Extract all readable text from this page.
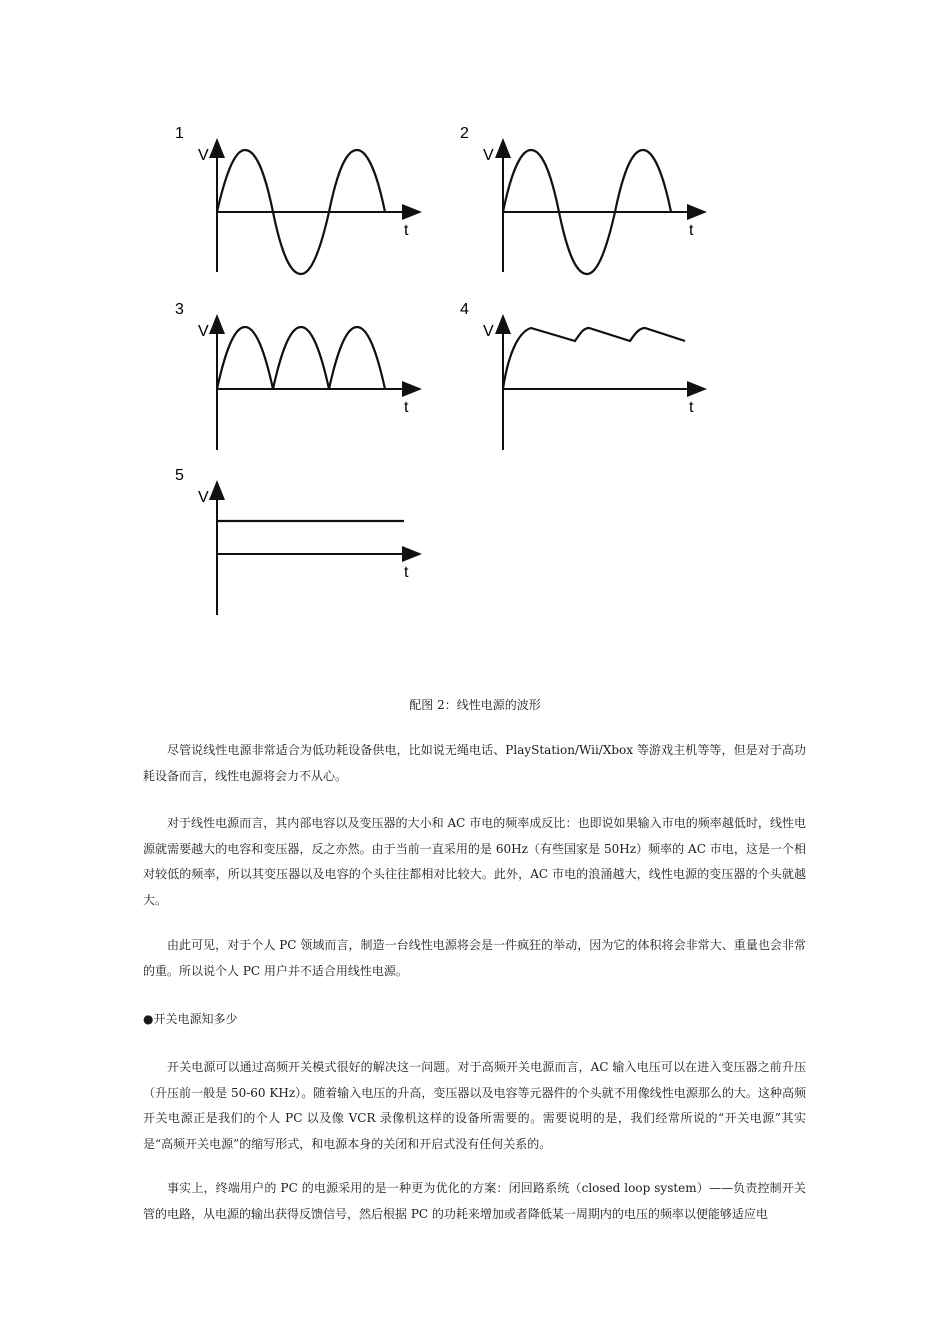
1
V
t
2
V
t
3
V
t
4
V
t
5
V
t
配图 2：线性电源的波形

尽管说线性电源非常适合为低功耗设备供电，比如说无绳电话、PlayStation/Wii/Xbox 等游戏主机等等，但是对于高功耗设备而言，线性电源将会力不从心。

对于线性电源而言，其内部电容以及变压器的大小和 AC 市电的频率成反比：也即说如果输入市电的频率越低时，线性电源就需要越大的电容和变压器，反之亦然。由于当前一直采用的是 60Hz（有些国家是 50Hz）频率的 AC 市电，这是一个相对较低的频率，所以其变压器以及电容的个头往往都相对比较大。此外，AC 市电的浪涌越大，线性电源的变压器的个头就越大。

由此可见，对于个人 PC 领域而言，制造一台线性电源将会是一件疯狂的举动，因为它的体积将会非常大、重量也会非常的重。所以说个人 PC 用户并不适合用线性电源。

●开关电源知多少

开关电源可以通过高频开关模式很好的解决这一问题。对于高频开关电源而言，AC 输入电压可以在进入变压器之前升压（升压前一般是 50-60 KHz）。随着输入电压的升高，变压器以及电容等元器件的个头就不用像线性电源那么的大。这种高频开关电源正是我们的个人 PC 以及像 VCR 录像机这样的设备所需要的。需要说明的是，我们经常所说的“开关电源”其实是“高频开关电源”的缩写形式，和电源本身的关闭和开启式没有任何关系的。

事实上，终端用户的 PC 的电源采用的是一种更为优化的方案：闭回路系统（closed loop system）——负责控制开关管的电路，从电源的输出获得反馈信号，然后根据 PC 的功耗来增加或者降低某一周期内的电压的频率以便能够适应电
